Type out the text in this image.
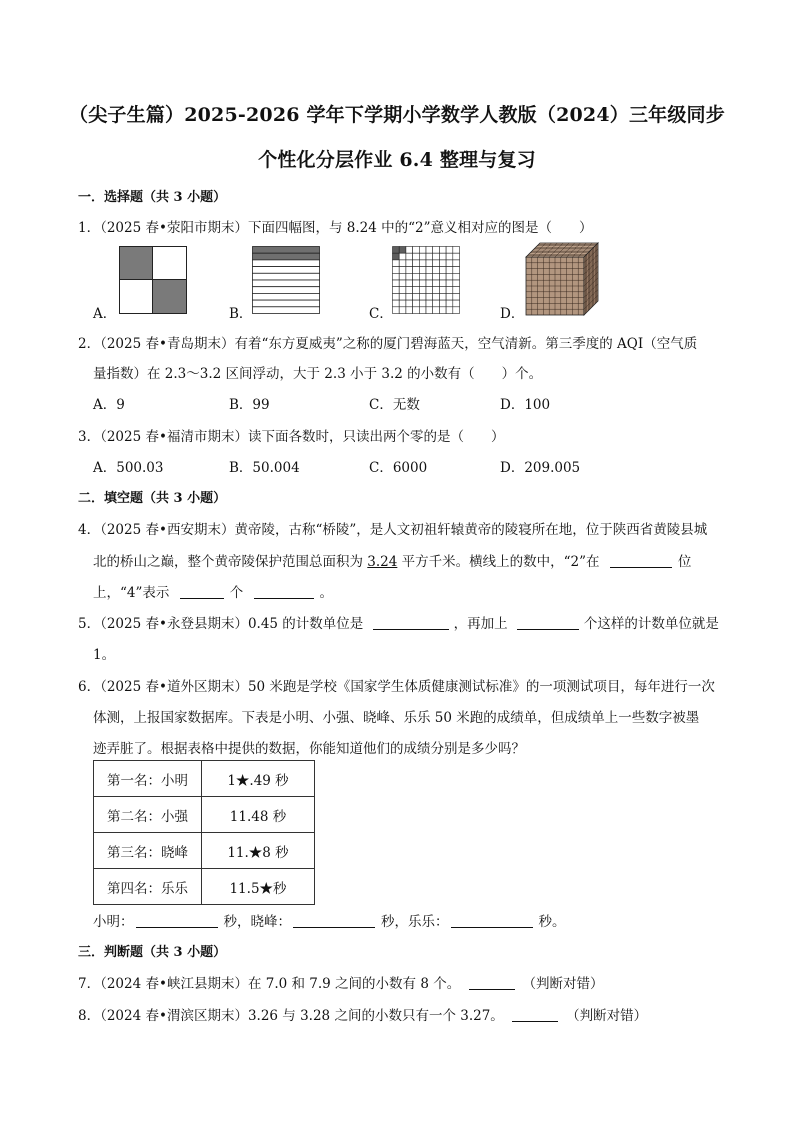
（尖子生篇）2025-2026 学年下学期小学数学人教版（2024）三年级同步
个性化分层作业 6.4 整理与复习
一．选择题（共 3 小题）
1．（2025 春•荥阳市期末）下面四幅图，与 8.24 中的“2”意义相对应的图是（　　）
A．	B．	C．	D．
2．（2025 春•青岛期末）有着“东方夏威夷”之称的厦门碧海蓝天，空气清新。第三季度的 AQI（空气质
量指数）在 2.3～3.2 区间浮动，大于 2.3 小于 3.2 的小数有（　　）个。
A．9	B．99	C．无数	D．100
3．（2025 春•福清市期末）读下面各数时，只读出两个零的是（　　）
A．500.03	B．50.004	C．6000	D．209.005
二．填空题（共 3 小题）
4．（2025 春•西安期末）黄帝陵，古称“桥陵”，是人文初祖轩辕黄帝的陵寝所在地，位于陕西省黄陵县城
北的桥山之巅，整个黄帝陵保护范围总面积为 3.24 平方千米。横线上的数中，“2”在	位
上，“4”表示	个	。
5．（2025 春•永登县期末）0.45 的计数单位是	，再加上	个这样的计数单位就是
1。
6．（2025 春•道外区期末）50 米跑是学校《国家学生体质健康测试标准》的一项测试项目，每年进行一次
体测，上报国家数据库。下表是小明、小强、晓峰、乐乐 50 米跑的成绩单，但成绩单上一些数字被墨
迹弄脏了。根据表格中提供的数据，你能知道他们的成绩分别是多少吗？
第一名：小明	1★.49 秒
第二名：小强	11.48 秒
第三名：晓峰	11.★8 秒
第四名：乐乐	11.5★秒
小明：	秒，晓峰：	秒，乐乐：	秒。
三．判断题（共 3 小题）
7．（2024 春•峡江县期末）在 7.0 和 7.9 之间的小数有 8 个。	（判断对错）
8．（2024 春•渭滨区期末）3.26 与 3.28 之间的小数只有一个 3.27。	（判断对错）
